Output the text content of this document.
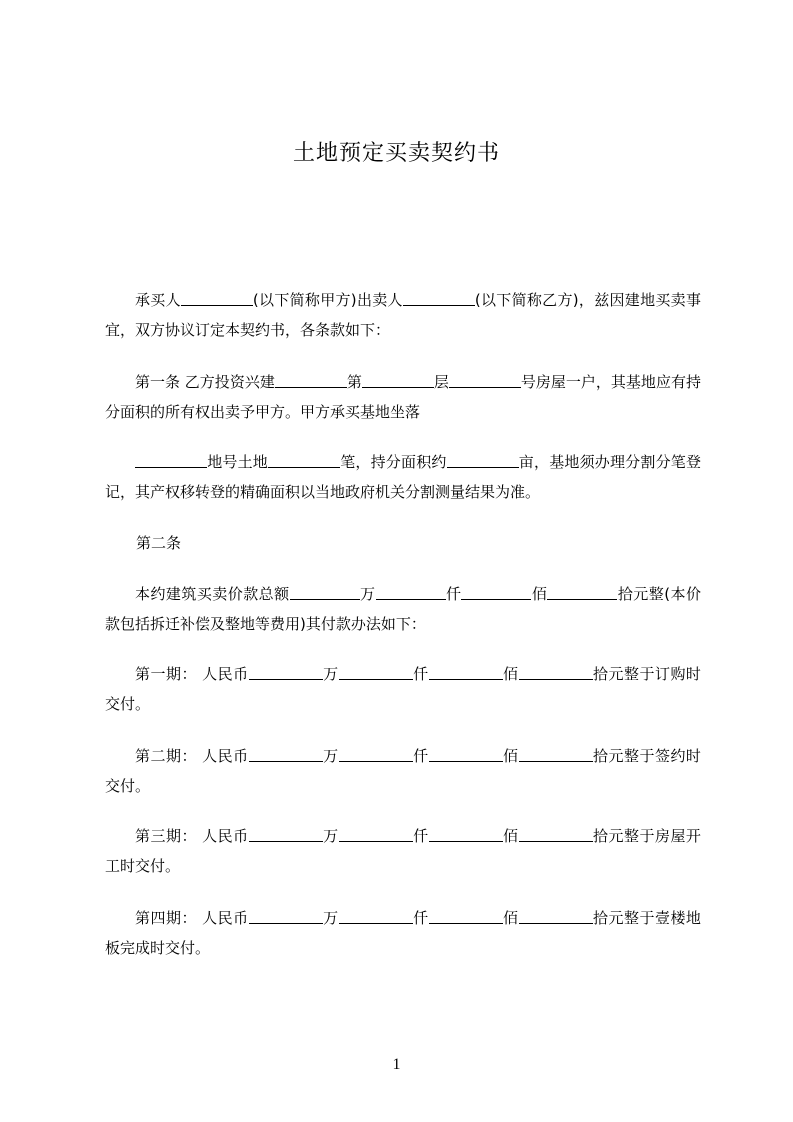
土地预定买卖契约书
承买人	(以下简称甲方)出卖人	(以下简称乙方)，兹因建地买卖事宜，双方协议订定本契约书，各条款如下：
第一条 乙方投资兴建	第	层	号房屋一户，其基地应有持分面积的所有权出卖予甲方。甲方承买基地坐落
地号土地	笔，持分面积约	亩，基地须办理分割分笔登记，其产权移转登的精确面积以当地政府机关分割测量结果为准。
第二条
本约建筑买卖价款总额	万	仟	佰	拾元整(本价款包括拆迁补偿及整地等费用)其付款办法如下：
第一期： 人民币	万	仟	佰	拾元整于订购时交付。
第二期： 人民币	万	仟	佰	拾元整于签约时交付。
第三期： 人民币	万	仟	佰	拾元整于房屋开工时交付。
第四期： 人民币	万	仟	佰	拾元整于壹楼地板完成时交付。
1
